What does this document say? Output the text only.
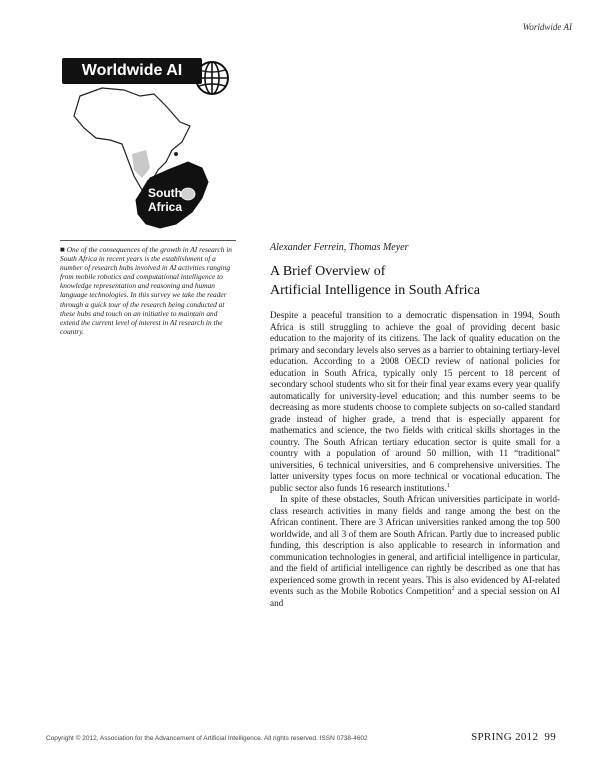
Worldwide AI
Worldwide AI
South
Africa
■ One of the consequences of the growth in AI research in South Africa in recent years is the establishment of a number of research hubs involved in AI activities ranging from mobile robotics and computational intelligence to knowledge representation and reasoning and human language technologies. In this survey we take the reader through a quick tour of the research being conducted at these hubs and touch on an initiative to maintain and extend the current level of interest in AI research in the country.
Alexander Ferrein, Thomas Meyer
A Brief Overview of
Artificial Intelligence in South Africa

Despite a peaceful transition to a democratic dispensation in 1994, South Africa is still struggling to achieve the goal of providing decent basic education to the majority of its citizens. The lack of quality education on the primary and secondary levels also serves as a barrier to obtaining tertiary-level education. According to a 2008 OECD review of national policies for education in South Africa, typically only 15 percent to 18 percent of secondary school students who sit for their final year exams every year qualify automatically for university-level education; and this number seems to be decreasing as more students choose to complete subjects on so-called standard grade instead of higher grade, a trend that is especially apparent for mathematics and science, the two fields with critical skills shortages in the country. The South African tertiary education sector is quite small for a country with a population of around 50 million, with 11 “traditional” universities, 6 technical universities, and 6 comprehensive universities. The latter university types focus on more technical or vocational education. The public sector also funds 16 research institutions.$^1$

In spite of these obstacles, South African universities participate in world-class research activities in many fields and range among the best on the African continent. There are 3 African universities ranked among the top 500 worldwide, and all 3 of them are South African. Partly due to increased public funding, this description is also applicable to research in information and communication technologies in general, and artificial intelligence in particular, and the field of artificial intelligence can rightly be described as one that has experienced some growth in recent years. This is also evidenced by AI-related events such as the Mobile Robotics Competition$^2$ and a special session on AI and

Copyright © 2012, Association for the Advancement of Artificial Intelligence. All rights reserved. ISSN 0738-4602	SPRING 2012 99
